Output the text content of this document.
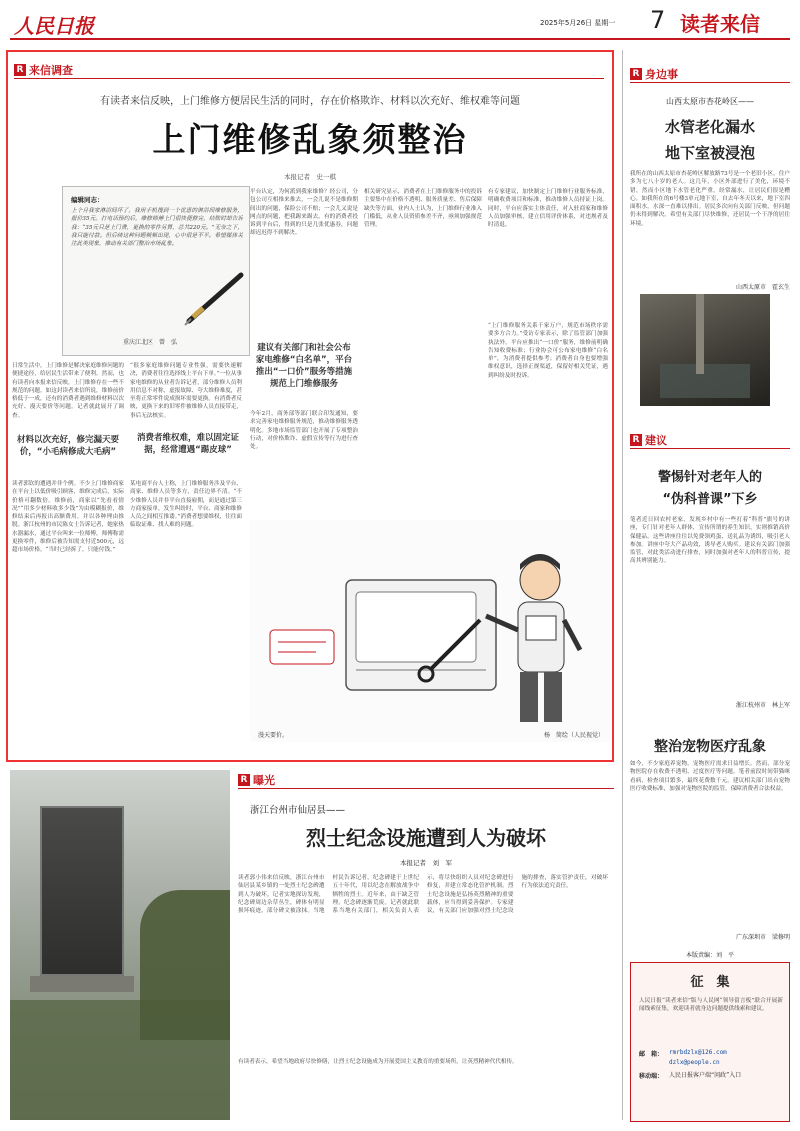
人民日报	2025年5月26日 星期一 7 读者来信
R 来信调查
有读者来信反映，上门维修方便居民生活的同时，存在价格欺诈、材料以次充好、维权难等问题
上门维修乱象须整治
本报记者　史一棋
编辑同志：
上个月我家淋浴间坏了，我用手机搜到一个优惠的淋浴间维修服务，报价35元。打电话预约后，维修师傅上门很快便修完，结账时却告诉我：“35元只是上门费，更换的零件另算，总共220元。”无奈之下，我只能付款。但后续这种问题频频出现，心中很是不平。希望媒体关注此类现象，推动有关部门整治市场乱象。
重庆江北区　曾　弘
日常生活中，上门维修是解决家庭维修问题的便捷途径，给居民生活带来了便利。然而，也有读者向本报来信反映，上门维修存在一些不规范的问题。如这封读者来信所说，维修前价格低于一成，还有的消费者遇到维修材料以次充好、漫天要价等问题。记者就此展开了调查。
材料以次充好，修完漏天要价，“小毛病修成大毛病”
读者郭钦的遭遇并非个例。不少上门维修商家在平台上以低价吸引顾客，维修完成后，实际价格可翻数倍。维修前，商家以“先看看情况”“用多少材料收多少钱”为由模糊报价，维修结束后再报出高额费用，并以各种理由推脱。浙江杭州的市民陈女士告诉记者，她家热水器漏水，通过平台叫来一位师傅，师傅称需更换零件，维修后被告知需支付近500元，远超市场价格。“当时已经拆了，只能付钱。”
“很多家庭维修问题专业性强，需要快速解决，消费者往往选择线上平台下单。”一位从事家电维修的从业者告诉记者，部分维修人员利用信息不对称，虚报故障、夸大维修难度，甚至将正常零件说成损坏需要更换。有消费者反映，更换下来的旧零件被维修人员直接带走，事后无法核实。
消费者维权难，难以固定证据，经常遭遇“踢皮球”
某电商平台人士称，上门维修服务涉及平台、商家、维修人员等多方，责任边界不清。“不少维修人员并非平台直接雇佣，而是通过第三方商家接单，发生纠纷时，平台、商家和维修人员之间相互推诿。”消费者想要维权，往往面临取证难、找人难的问题。
平台认定，为何派到我家维修？经公司，分包公司互相推来推去，一会儿说不是维修期间出的问题，保险公司不赔；一会儿又说是网点的问题，把我踢来踢去。有的消费者投诉到平台后，得到的只是几张优惠券，问题却迟迟得不到解决。
建议有关部门和社会公布家电维修“白名单”，平台推出“一口价”服务等措施规范上门维修服务
今年2月，商务部等部门联合印发通知，要求完善家电维修服务规范，推动维修服务透明化。多地市场监管部门也开展了专项整治行动，对价格欺诈、虚假宣传等行为进行查处。
相关研究显示，消费者在上门维修服务中的投诉主要集中在价格不透明、服务质量差、售后保障缺失等方面。业内人士认为，上门维修行业准入门槛低，从业人员资质参差不齐，亟须加强规范管理。
有专家建议，加快制定上门维修行业服务标准，明确收费项目和标准，推动维修人员持证上岗。同时，平台应落实主体责任，对入驻商家和维修人员加强审核，建立信用评价体系，对违规者及时清退。
“上门维修服务关系千家万户，规范市场秩序需要多方合力。”受访专家表示，除了监管部门加强执法外，平台应推出“一口价”服务，维修前明确告知收费标准；行业协会可公布家电维修“白名单”，为消费者提供参考；消费者自身也要增强维权意识，选择正规渠道，保留好相关凭证，遇到纠纷及时投诉。
漫天要价。	杨　简绘（人民视觉）
R 身边事
山西太原市杏花岭区——
水管老化漏水
地下室被浸泡
我所在的山西太原市杏花岭区解放路73号是一个老旧小区，住户多为七八十岁的老人。这几年，小区外部进行了美化，环境不错，然而小区地下水管老化严重，经常漏水，让居民们很是糟心。如我所在的6号楼3单元地下室，自去年冬天以来，地下室四面积水，水深一直难以排出。居民多次向有关部门反映，但问题仍未得到解决。希望有关部门尽快维修，还居民一个干净的居住环境。
山西太原市　霍玄生
R 建议
警惕针对老年人的
“伪科普课”下乡
笔者近日回农村老家，发现乡村中有一些打着“科普”旗号的讲座，专门针对老年人群体，宣传所谓的养生知识，实则推销高价保健品。这些讲座往往以免费领鸡蛋、送礼品为诱饵，吸引老人参加。讲座中夸大产品功效，诱导老人购买。建议有关部门加强监管，对此类活动进行排查，同时加强对老年人的科普宣传，提高其辨别能力。
浙江杭州市　林上军
整治宠物医疗乱象
如今，不少家庭养宠物，宠物医疗需求日益增长。然而，部分宠物医院存在收费不透明、过度医疗等问题。笔者前段时间带猫咪看病，检查项目繁多，最终花费数千元。建议相关部门出台宠物医疗收费标准，加强对宠物医院的监管，保障消费者合法权益。
广东深圳市　梁修明
本版责编：刘　平
征　集
人民日报“读者来信”版与人民网“领导留言板”联合开展新闻线索征集，欢迎读者就身边问题提供线索和建议。
邮　箱： rmrbdzlx@126.com
dzlx@people.cn
移动端： 人民日报客户端“问政”入口
R 曝光
浙江台州市仙居县——
烈士纪念设施遭到人为破坏
本报记者　刘　军
读者郭小伟来信反映，浙江台州市仙居县某乡镇的一处烈士纪念碑遭到人为破坏。记者实地探访发现，纪念碑周边杂草丛生，碑体有明显损坏痕迹，部分碑文被涂抹。当地村民告诉记者，纪念碑建于上世纪五十年代，用以纪念在解放战争中牺牲的烈士。近年来，由于缺乏管理，纪念碑逐渐荒废。记者就此联系当地有关部门，相关负责人表示，将尽快组织人员对纪念碑进行修复，并建立常态化管护机制。烈士纪念设施是弘扬英烈精神的重要载体，应当得到妥善保护。专家建议，有关部门应加强对烈士纪念设施的排查，落实管护责任，对破坏行为依法追究责任。
有读者表示，希望当地政府尽快修缮，让烈士纪念设施成为开展爱国主义教育的重要场所，让英烈精神代代相传。
